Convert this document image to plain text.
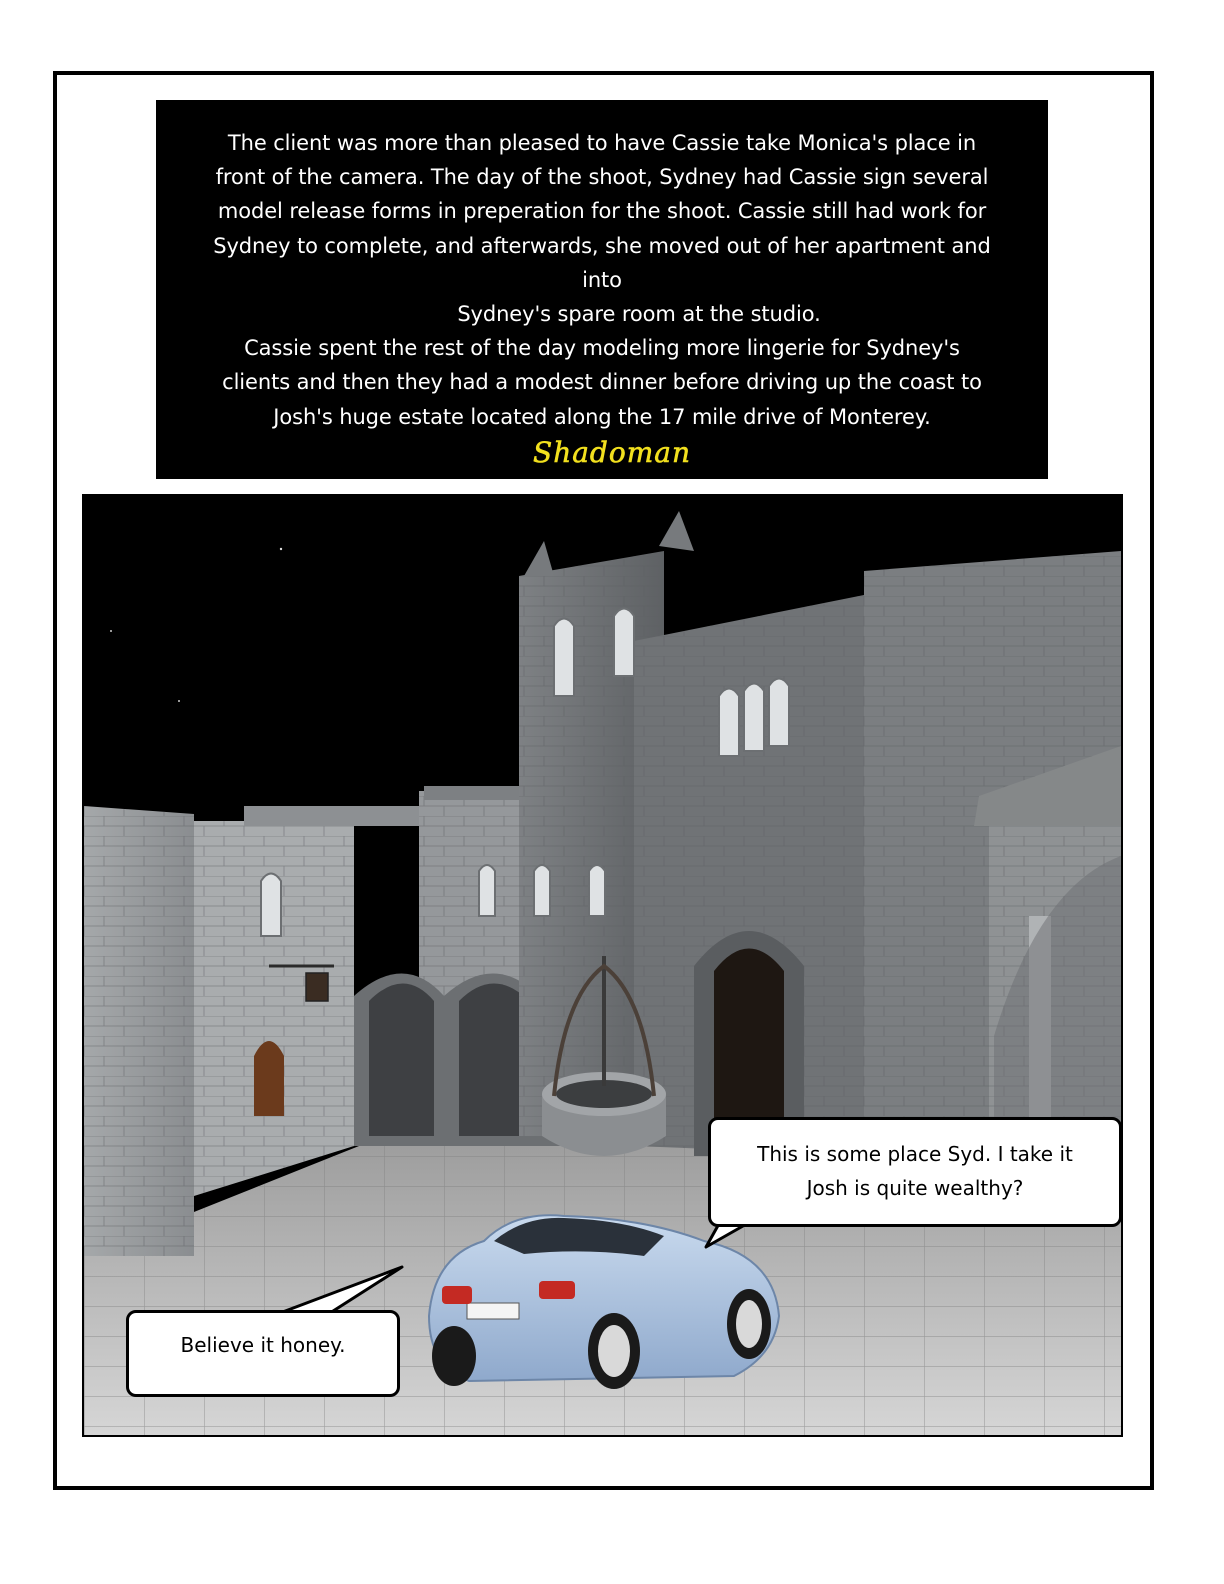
The client was more than pleased to have Cassie take Monica's place in
front of the camera. The day of the shoot, Sydney had Cassie sign several
model release forms in preperation for the shoot. Cassie still had work for
Sydney to complete, and afterwards, she moved out of her apartment and
into
Sydney's spare room at the studio.
Cassie spent the rest of the day modeling more lingerie for Sydney's
clients and then they had a modest dinner before driving up the coast to
Josh's huge estate located along the 17 mile drive of Monterey.
Shadoman
This is some place Syd. I take it
Josh is quite wealthy?
Believe it honey.
